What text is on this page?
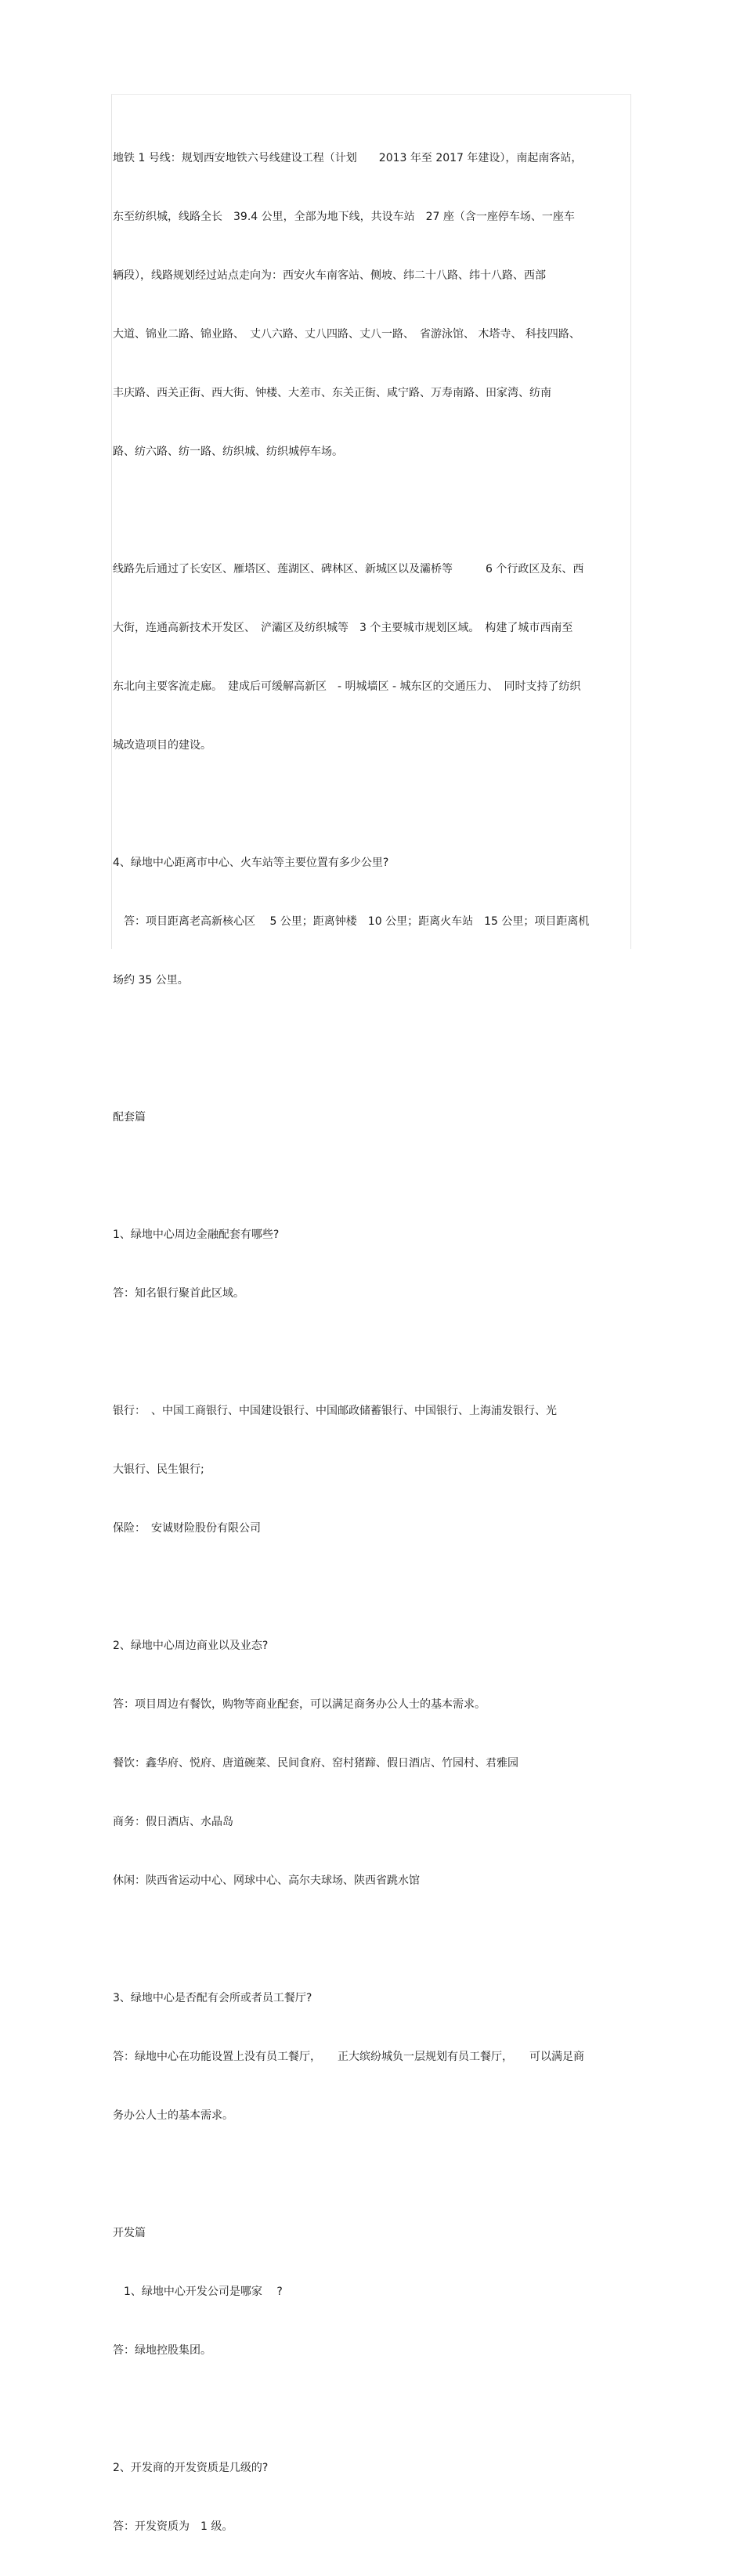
地铁 1 号线：规划西安地铁六号线建设工程（计划　　2013 年至 2017 年建设），南起南客站，

东至纺织城，线路全长　39.4 公里，全部为地下线，共设车站　27 座（含一座停车场、一座车

辆段），线路规划经过站点走向为：西安火车南客站、侧坡、纬二十八路、纬十八路、西部

大道、锦业二路、锦业路、　丈八六路、丈八四路、丈八一路、　省游泳馆、 木塔寺、 科技四路、

丰庆路、西关正街、西大街、钟楼、大差市、东关正街、咸宁路、万寿南路、田家湾、纺南

路、纺六路、纺一路、纺织城、纺织城停车场。

线路先后通过了长安区、雁塔区、莲湖区、碑林区、新城区以及灞桥等　　　6 个行政区及东、西

大街，连通高新技术开发区、　浐灞区及纺织城等　3 个主要城市规划区域。　构建了城市西南至

东北向主要客流走廊。　建成后可缓解高新区　- 明城墙区 - 城东区的交通压力、　同时支持了纺织

城改造项目的建设。

4、绿地中心距离市中心、火车站等主要位置有多少公里?

　答：项目距离老高新核心区　 5 公里；距离钟楼　10 公里；距离火车站　15 公里；项目距离机

场约 35 公里。

配套篇

1、绿地中心周边金融配套有哪些?

答：知名银行聚首此区域。

银行：　、中国工商银行、中国建设银行、中国邮政储蓄银行、中国银行、上海浦发银行、光

大银行、民生银行;

保险：　安诚财险股份有限公司

2、绿地中心周边商业以及业态?

答：项目周边有餐饮，购物等商业配套，可以满足商务办公人士的基本需求。

餐饮：鑫华府、悦府、唐道碗菜、民间食府、窑村猪蹄、假日酒店、竹园村、君雅园

商务：假日酒店、水晶岛

休闲：陕西省运动中心、网球中心、高尔夫球场、陕西省跳水馆

3、绿地中心是否配有会所或者员工餐厅?

答：绿地中心在功能设置上没有员工餐厅，　　正大缤纷城负一层规划有员工餐厅，　　可以满足商

务办公人士的基本需求。

开发篇

　1、绿地中心开发公司是哪家　 ?

答：绿地控股集团。

2、开发商的开发资质是几级的?

答：开发资质为　1 级。
